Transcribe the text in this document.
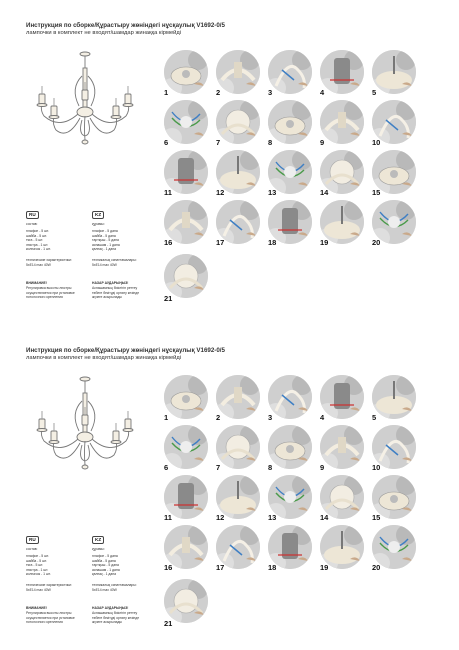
Инструкция по сборке/Құрастыру жөніндегі нұсқаулық V1692-0/5
лампочки в комплект не входят/шамдар жинаққа кірмейді
RU	KZ
состав:	құрамы:
плафон - 5 шт.	плафон - 5 дана
шайба - 5 шт.	шайба - 5 дана
тяга - 5 шт.	тартқыш - 5 дана
люстра - 1 шт.	аспашам - 1 дана
колпачок - 1 шт.	қалпақ - 1 дана
технические характеристики:	техникалық сипаттамалары:
5xE14 max 40W	5xE14 max 40W
ВНИМАНИЕ!	НАЗАР АУДАРЫҢЫЗ!
Регулировка высоты люстры	Аспашамның биіктігін реттеу
осуществляется при установке	төбеге бекітуді орнату кезінде
потолочного крепления	жүзеге асырылады
1	2	3	4	5
6	7	8	9	10
11	12	13	14	15
16	17	18	19	20
21
Инструкция по сборке/Құрастыру жөніндегі нұсқаулық V1692-0/5
лампочки в комплект не входят/шамдар жинаққа кірмейді
RU	KZ
состав:	құрамы:
плафон - 5 шт.	плафон - 5 дана
шайба - 5 шт.	шайба - 5 дана
тяга - 5 шт.	тартқыш - 5 дана
люстра - 1 шт.	аспашам - 1 дана
колпачок - 1 шт.	қалпақ - 1 дана
технические характеристики:	техникалық сипаттамалары:
5xE14 max 40W	5xE14 max 40W
ВНИМАНИЕ!	НАЗАР АУДАРЫҢЫЗ!
Регулировка высоты люстры	Аспашамның биіктігін реттеу
осуществляется при установке	төбеге бекітуді орнату кезінде
потолочного крепления	жүзеге асырылады
1	2	3	4	5
6	7	8	9	10
11	12	13	14	15
16	17	18	19	20
21
